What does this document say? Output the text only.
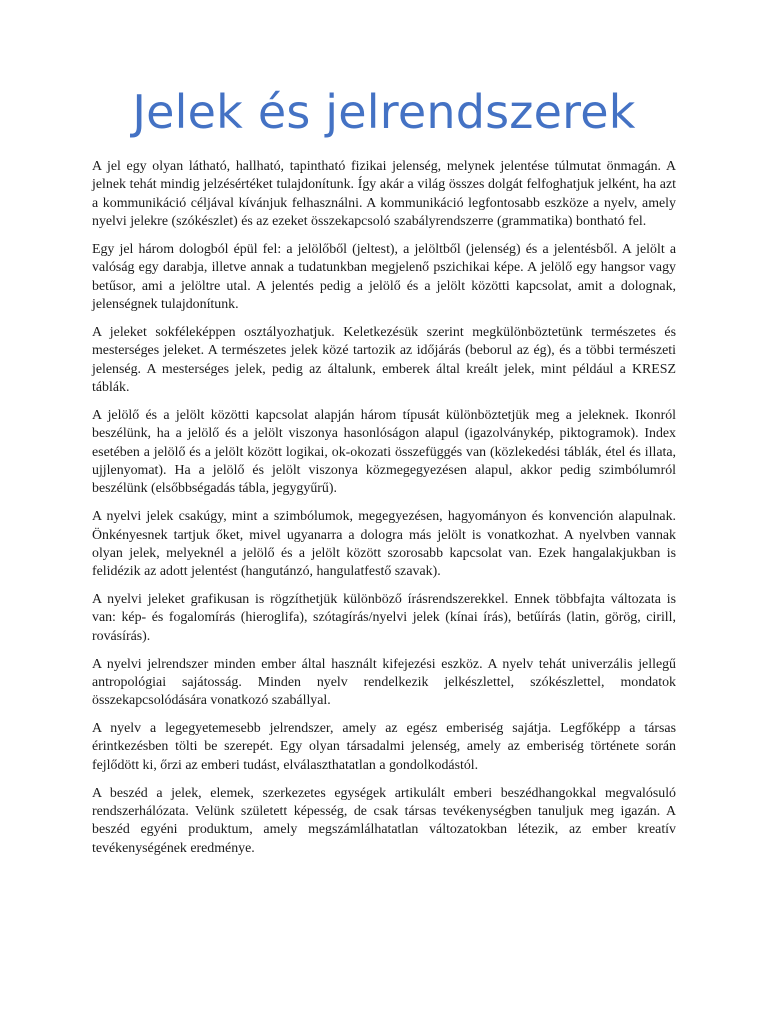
Jelek és jelrendszerek

A jel egy olyan látható, hallható, tapintható fizikai jelenség, melynek jelentése túlmutat önmagán. A jelnek tehát mindig jelzésértéket tulajdonítunk. Így akár a világ összes dolgát felfoghatjuk jelként, ha azt a kommunikáció céljával kívánjuk felhasználni. A kommunikáció legfontosabb eszköze a nyelv, amely nyelvi jelekre (szókészlet) és az ezeket összekapcsoló szabályrendszerre (grammatika) bontható fel.

Egy jel három dologból épül fel: a jelölőből (jeltest), a jelöltből (jelenség) és a jelentésből. A jelölt a valóság egy darabja, illetve annak a tudatunkban megjelenő pszichikai képe. A jelölő egy hangsor vagy betűsor, ami a jelöltre utal. A jelentés pedig a jelölő és a jelölt közötti kapcsolat, amit a dolognak, jelenségnek tulajdonítunk.

A jeleket sokféleképpen osztályozhatjuk. Keletkezésük szerint megkülönböztetünk természetes és mesterséges jeleket. A természetes jelek közé tartozik az időjárás (beborul az ég), és a többi természeti jelenség. A mesterséges jelek, pedig az általunk, emberek által kreált jelek, mint például a KRESZ táblák.

A jelölő és a jelölt közötti kapcsolat alapján három típusát különböztetjük meg a jeleknek. Ikonról beszélünk, ha a jelölő és a jelölt viszonya hasonlóságon alapul (igazolványkép, piktogramok). Index esetében a jelölő és a jelölt között logikai, ok-okozati összefüggés van (közlekedési táblák, étel és illata, ujjlenyomat). Ha a jelölő és jelölt viszonya közmegegyezésen alapul, akkor pedig szimbólumról beszélünk (elsőbbségadás tábla, jegygyűrű).

A nyelvi jelek csakúgy, mint a szimbólumok, megegyezésen, hagyományon és konvención alapulnak. Önkényesnek tartjuk őket, mivel ugyanarra a dologra más jelölt is vonatkozhat. A nyelvben vannak olyan jelek, melyeknél a jelölő és a jelölt között szorosabb kapcsolat van. Ezek hangalakjukban is felidézik az adott jelentést (hangutánzó, hangulatfestő szavak).

A nyelvi jeleket grafikusan is rögzíthetjük különböző írásrendszerekkel. Ennek többfajta változata is van: kép- és fogalomírás (hieroglifa), szótagírás/nyelvi jelek (kínai írás), betűírás (latin, görög, cirill, rovásírás).

A nyelvi jelrendszer minden ember által használt kifejezési eszköz. A nyelv tehát univerzális jellegű antropológiai sajátosság. Minden nyelv rendelkezik jelkészlettel, szókészlettel, mondatok összekapcsolódására vonatkozó szabállyal.

A nyelv a legegyetemesebb jelrendszer, amely az egész emberiség sajátja. Legfőképp a társas érintkezésben tölti be szerepét. Egy olyan társadalmi jelenség, amely az emberiség története során fejlődött ki, őrzi az emberi tudást, elválaszthatatlan a gondolkodástól.

A beszéd a jelek, elemek, szerkezetes egységek artikulált emberi beszédhangokkal megvalósuló rendszerhálózata. Velünk született képesség, de csak társas tevékenységben tanuljuk meg igazán. A beszéd egyéni produktum, amely megszámlálhatatlan változatokban létezik, az ember kreatív tevékenységének eredménye.
